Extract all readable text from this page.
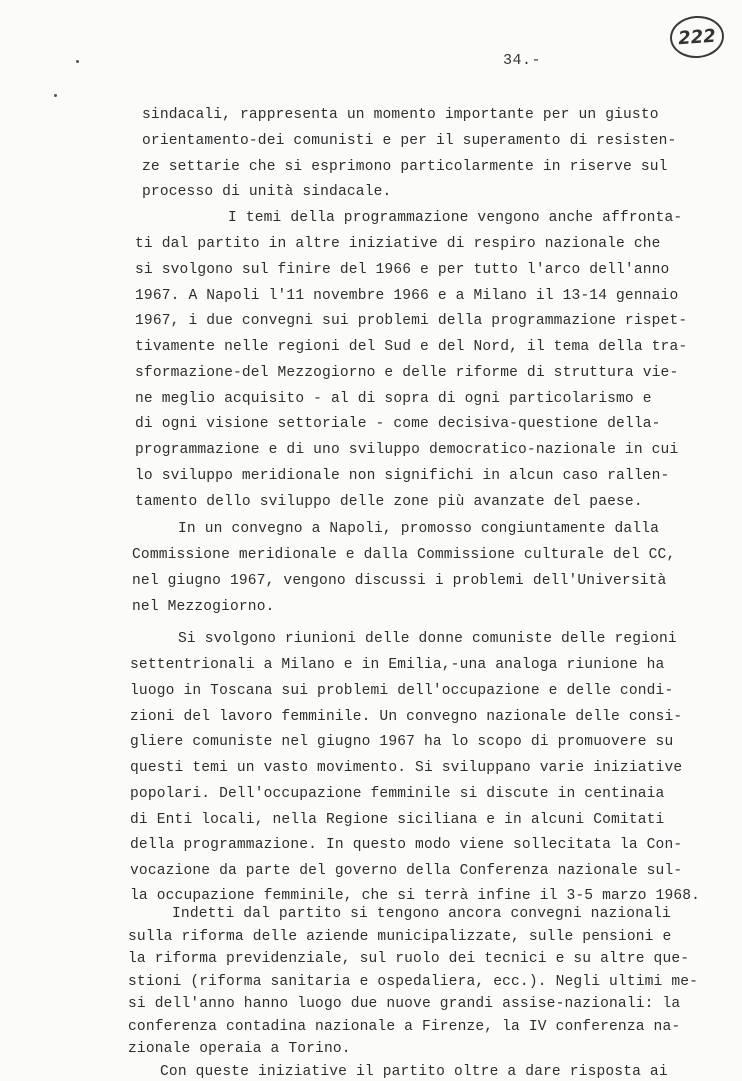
222
34.-
sindacali, rappresenta un momento importante per un giusto
orientamento-dei comunisti e per il superamento di resisten-
ze settarie che si esprimono particolarmente in riserve sul
processo di unità sindacale.
I temi della programmazione vengono anche affronta-
ti dal partito in altre iniziative di respiro nazionale che
si svolgono sul finire del 1966 e per tutto l'arco dell'anno
1967. A Napoli l'11 novembre 1966 e a Milano il 13-14 gennaio
1967, i due convegni sui problemi della programmazione rispet-
tivamente nelle regioni del Sud e del Nord, il tema della tra-
sformazione-del Mezzogiorno e delle riforme di struttura vie-
ne meglio acquisito - al di sopra di ogni particolarismo e
di ogni visione settoriale - come decisiva-questione della-
programmazione e di uno sviluppo democratico-nazionale in cui
lo sviluppo meridionale non significhi in alcun caso rallen-
tamento dello sviluppo delle zone più avanzate del paese.
In un convegno a Napoli, promosso congiuntamente dalla
Commissione meridionale e dalla Commissione culturale del CC,
nel giugno 1967, vengono discussi i problemi dell'Università
nel Mezzogiorno.
Si svolgono riunioni delle donne comuniste delle regioni
settentrionali a Milano e in Emilia,-una analoga riunione ha
luogo in Toscana sui problemi dell'occupazione e delle condi-
zioni del lavoro femminile. Un convegno nazionale delle consi-
gliere comuniste nel giugno 1967 ha lo scopo di promuovere su
questi temi un vasto movimento. Si sviluppano varie iniziative
popolari. Dell'occupazione femminile si discute in centinaia
di Enti locali, nella Regione siciliana e in alcuni Comitati
della programmazione. In questo modo viene sollecitata la Con-
vocazione da parte del governo della Conferenza nazionale sul-
la occupazione femminile, che si terrà infine il 3-5 marzo 1968.
Indetti dal partito si tengono ancora convegni nazionali
sulla riforma delle aziende municipalizzate, sulle pensioni e
la riforma previdenziale, sul ruolo dei tecnici e su altre que-
stioni (riforma sanitaria e ospedaliera, ecc.). Negli ultimi me-
si dell'anno hanno luogo due nuove grandi assise-nazionali: la
conferenza contadina nazionale a Firenze, la IV conferenza na-
zionale operaia a Torino.
Con queste iniziative il partito oltre a dare risposta ai
